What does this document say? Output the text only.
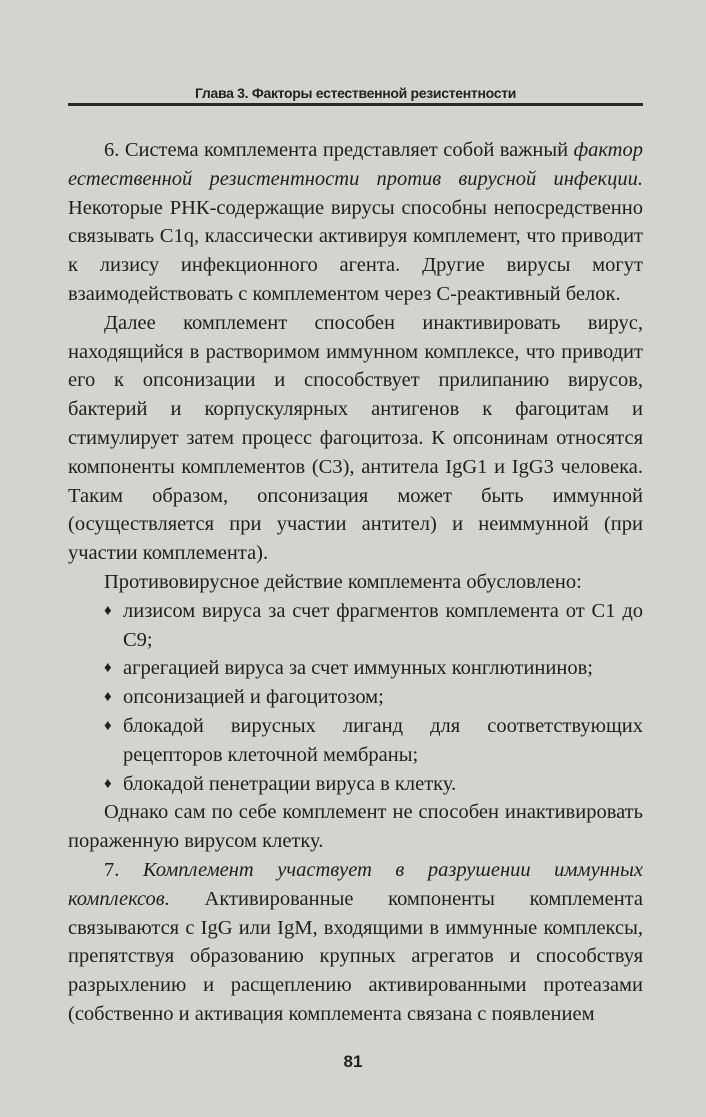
Глава 3. Факторы естественной резистентности

6. Система комплемента представляет собой важный фактор естественной резистентности против вирусной инфекции. Некоторые РНК-содержащие вирусы способны непосредственно связывать C1q, классически активируя комплемент, что приводит к лизису инфекционного агента. Другие вирусы могут взаимодействовать с комплементом через С-реактивный белок.

Далее комплемент способен инактивировать вирус, находящийся в растворимом иммунном комплексе, что приводит его к опсонизации и способствует прилипанию вирусов, бактерий и корпускулярных антигенов к фагоцитам и стимулирует затем процесс фагоцитоза. К опсонинам относятся компоненты комплементов (С3), антитела IgG1 и IgG3 человека. Таким образом, опсонизация может быть иммунной (осуществляется при участии антител) и неиммунной (при участии комплемента).

Противовирусное действие комплемента обусловлено:

♦ лизисом вируса за счет фрагментов комплемента от C1 до C9;
♦ агрегацией вируса за счет иммунных конглютининов;
♦ опсонизацией и фагоцитозом;
♦ блокадой вирусных лиганд для соответствующих рецепторов клеточной мембраны;
♦ блокадой пенетрации вируса в клетку.

Однако сам по себе комплемент не способен инактивировать пораженную вирусом клетку.

7. Комплемент участвует в разрушении иммунных комплексов. Активированные компоненты комплемента связываются с IgG или IgM, входящими в иммунные комплексы, препятствуя образованию крупных агрегатов и способствуя разрыхлению и расщеплению активированными протеазами (собственно и активация комплемента связана с появлением

81
